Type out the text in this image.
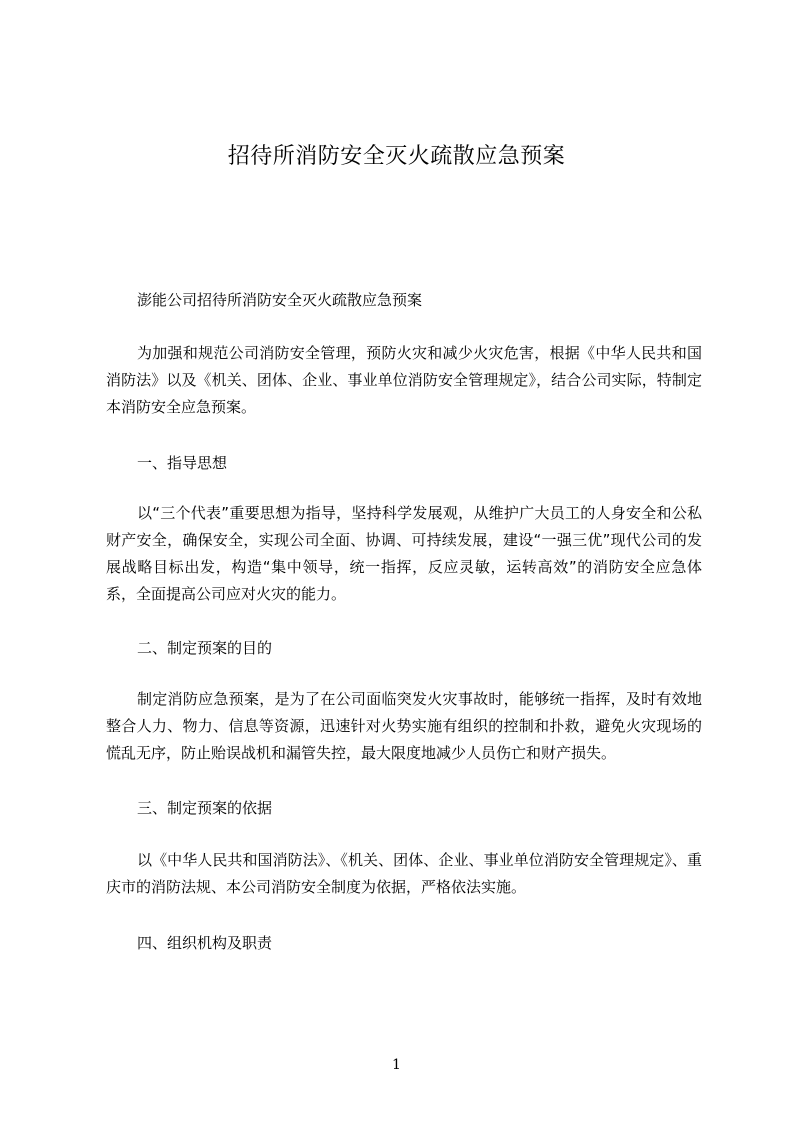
招待所消防安全灭火疏散应急预案
澎能公司招待所消防安全灭火疏散应急预案

为加强和规范公司消防安全管理，预防火灾和减少火灾危害，根据《中华人民共和国消防法》以及《机关、团体、企业、事业单位消防安全管理规定》，结合公司实际，特制定本消防安全应急预案。

一、指导思想

以“三个代表”重要思想为指导，坚持科学发展观，从维护广大员工的人身安全和公私财产安全，确保安全，实现公司全面、协调、可持续发展，建设“一强三优”现代公司的发展战略目标出发，构造“集中领导，统一指挥，反应灵敏，运转高效”的消防安全应急体系，全面提高公司应对火灾的能力。

二、制定预案的目的

制定消防应急预案，是为了在公司面临突发火灾事故时，能够统一指挥，及时有效地整合人力、物力、信息等资源，迅速针对火势实施有组织的控制和扑救，避免火灾现场的慌乱无序，防止贻误战机和漏管失控，最大限度地减少人员伤亡和财产损失。

三、制定预案的依据

以《中华人民共和国消防法》、《机关、团体、企业、事业单位消防安全管理规定》、重庆市的消防法规、本公司消防安全制度为依据，严格依法实施。

四、组织机构及职责
1
